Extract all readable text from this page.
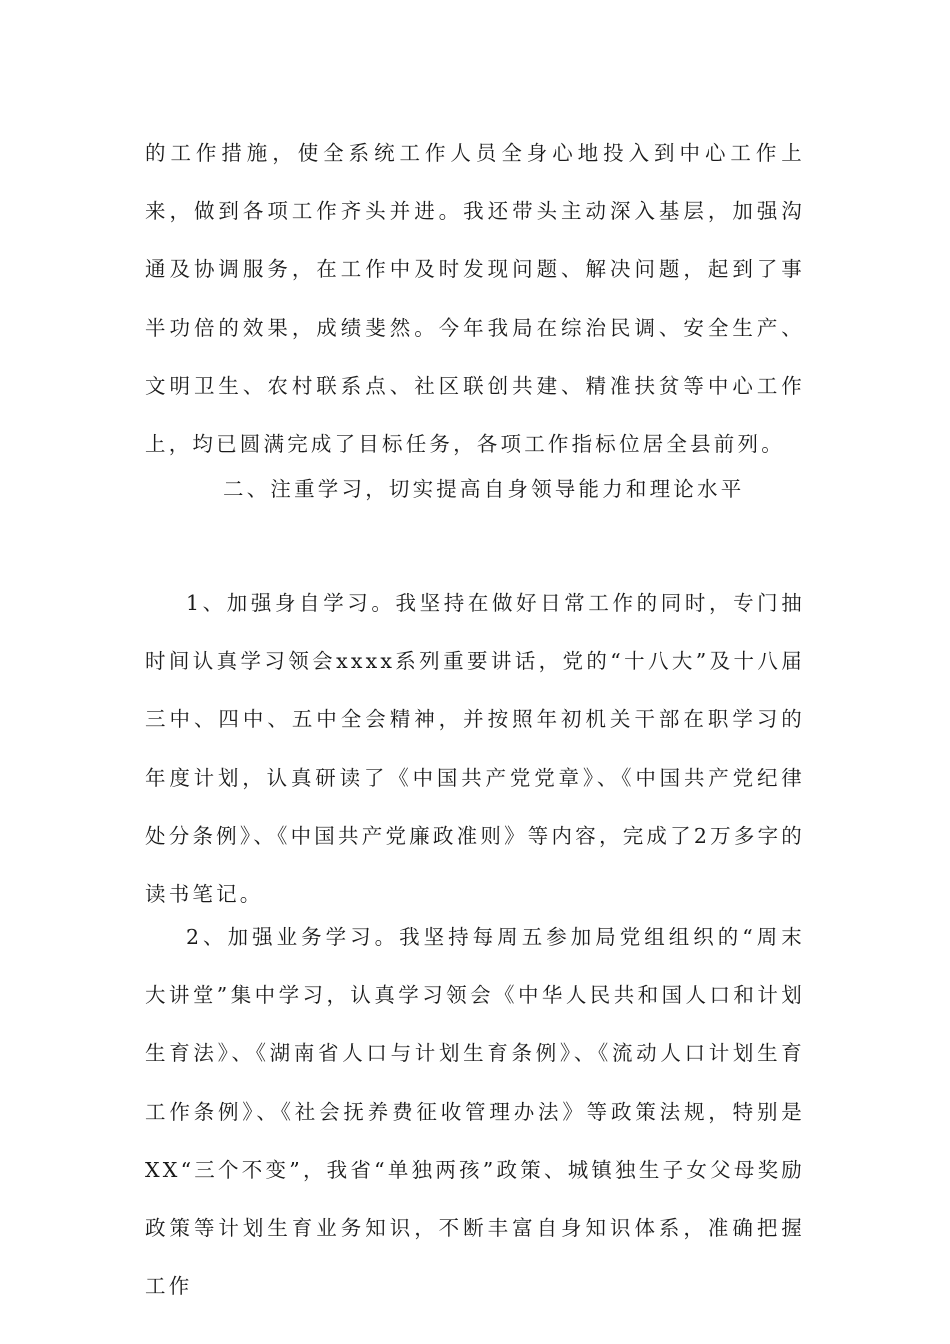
的工作措施，使全系统工作人员全身心地投入到中心工作上来，做到各项工作齐头并进。我还带头主动深入基层，加强沟通及协调服务，在工作中及时发现问题、解决问题，起到了事半功倍的效果，成绩斐然。今年我局在综治民调、安全生产、文明卫生、农村联系点、社区联创共建、精准扶贫等中心工作上，均已圆满完成了目标任务，各项工作指标位居全县前列。

二、注重学习，切实提高自身领导能力和理论水平

1、加强身自学习。我坚持在做好日常工作的同时，专门抽时间认真学习领会xxxx系列重要讲话，党的“十八大”及十八届三中、四中、五中全会精神，并按照年初机关干部在职学习的年度计划，认真研读了《中国共产党党章》、《中国共产党纪律处分条例》、《中国共产党廉政准则》等内容，完成了2万多字的读书笔记。

2、加强业务学习。我坚持每周五参加局党组组织的“周末大讲堂”集中学习，认真学习领会《中华人民共和国人口和计划生育法》、《湖南省人口与计划生育条例》、《流动人口计划生育工作条例》、《社会抚养费征收管理办法》等政策法规，特别是XX“三个不变”，我省“单独两孩”政策、城镇独生子女父母奖励政策等计划生育业务知识，不断丰富自身知识体系，准确把握工作
